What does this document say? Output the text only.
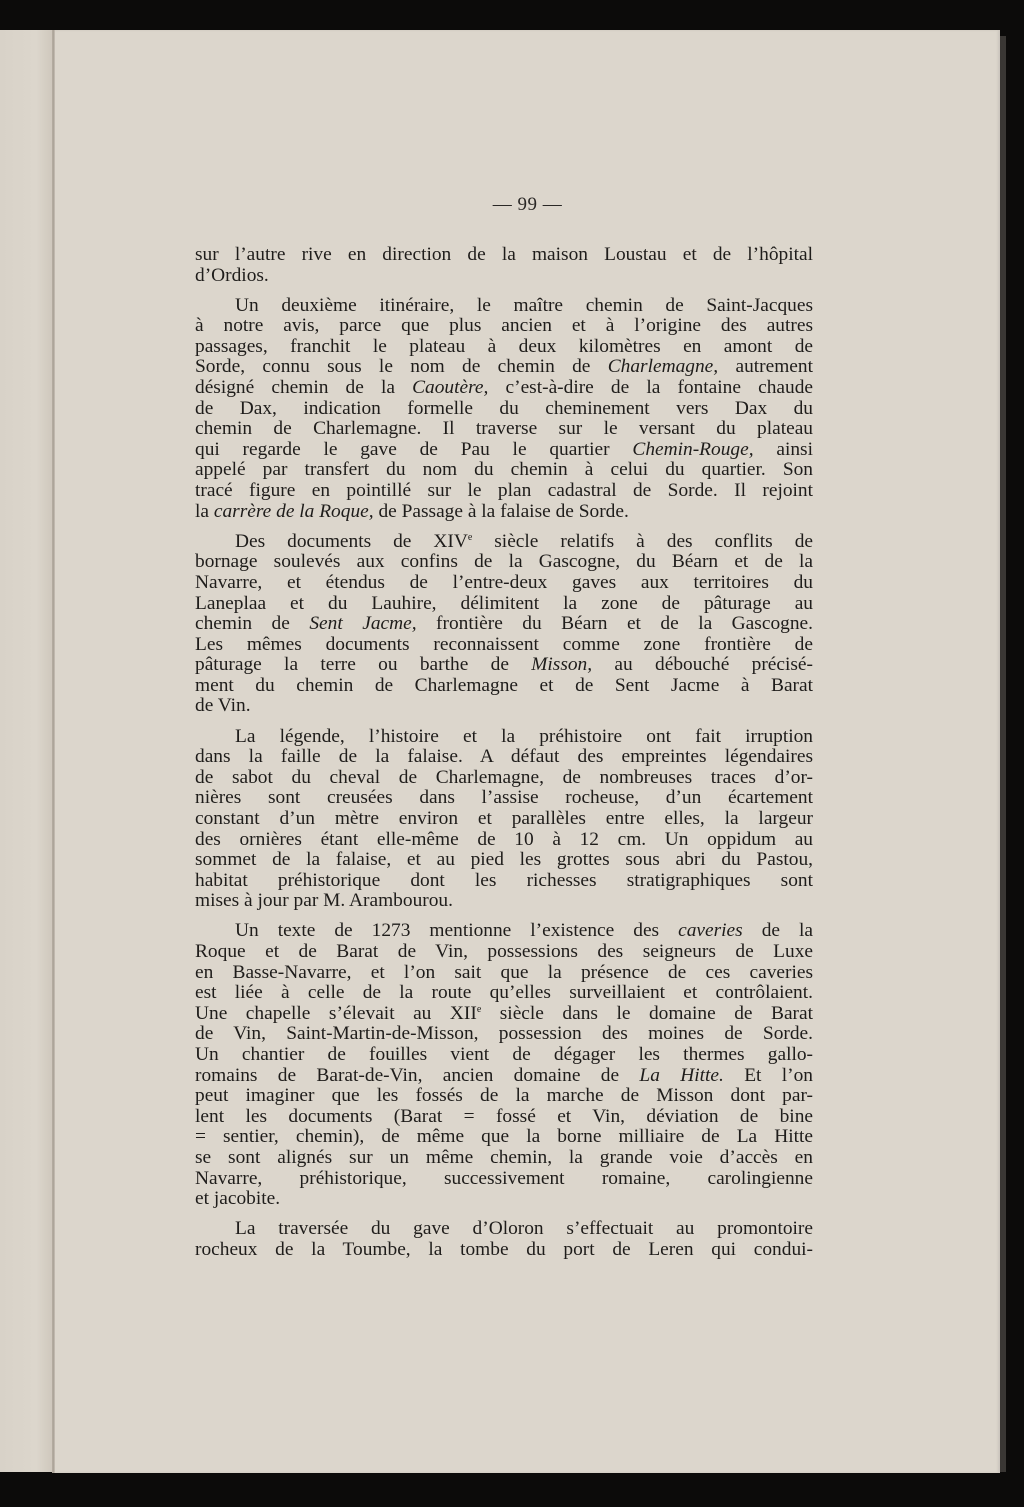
— 99 —
sur l’autre rive en direction de la maison Loustau et de l’hôpital
d’Ordios.
Un deuxième itinéraire, le maître chemin de Saint-Jacques
à notre avis, parce que plus ancien et à l’origine des autres
passages, franchit le plateau à deux kilomètres en amont de
Sorde, connu sous le nom de chemin de Charlemagne, autrement
désigné chemin de la Caoutère, c’est-à-dire de la fontaine chaude
de Dax, indication formelle du cheminement vers Dax du
chemin de Charlemagne. Il traverse sur le versant du plateau
qui regarde le gave de Pau le quartier Chemin-Rouge, ainsi
appelé par transfert du nom du chemin à celui du quartier. Son
tracé figure en pointillé sur le plan cadastral de Sorde. Il rejoint
la carrère de la Roque, de Passage à la falaise de Sorde.
Des documents de XIVe siècle relatifs à des conflits de
bornage soulevés aux confins de la Gascogne, du Béarn et de la
Navarre, et étendus de l’entre-deux gaves aux territoires du
Laneplaa et du Lauhire, délimitent la zone de pâturage au
chemin de Sent Jacme, frontière du Béarn et de la Gascogne.
Les mêmes documents reconnaissent comme zone frontière de
pâturage la terre ou barthe de Misson, au débouché précisé-
ment du chemin de Charlemagne et de Sent Jacme à Barat
de Vin.
La légende, l’histoire et la préhistoire ont fait irruption
dans la faille de la falaise. A défaut des empreintes légendaires
de sabot du cheval de Charlemagne, de nombreuses traces d’or-
nières sont creusées dans l’assise rocheuse, d’un écartement
constant d’un mètre environ et parallèles entre elles, la largeur
des ornières étant elle-même de 10 à 12 cm. Un oppidum au
sommet de la falaise, et au pied les grottes sous abri du Pastou,
habitat préhistorique dont les richesses stratigraphiques sont
mises à jour par M. Arambourou.
Un texte de 1273 mentionne l’existence des caveries de la
Roque et de Barat de Vin, possessions des seigneurs de Luxe
en Basse-Navarre, et l’on sait que la présence de ces caveries
est liée à celle de la route qu’elles surveillaient et contrôlaient.
Une chapelle s’élevait au XIIe siècle dans le domaine de Barat
de Vin, Saint-Martin-de-Misson, possession des moines de Sorde.
Un chantier de fouilles vient de dégager les thermes gallo-
romains de Barat-de-Vin, ancien domaine de La Hitte. Et l’on
peut imaginer que les fossés de la marche de Misson dont par-
lent les documents (Barat = fossé et Vin, déviation de bine
= sentier, chemin), de même que la borne milliaire de La Hitte
se sont alignés sur un même chemin, la grande voie d’accès en
Navarre, préhistorique, successivement romaine, carolingienne
et jacobite.
La traversée du gave d’Oloron s’effectuait au promontoire
rocheux de la Toumbe, la tombe du port de Leren qui condui-
